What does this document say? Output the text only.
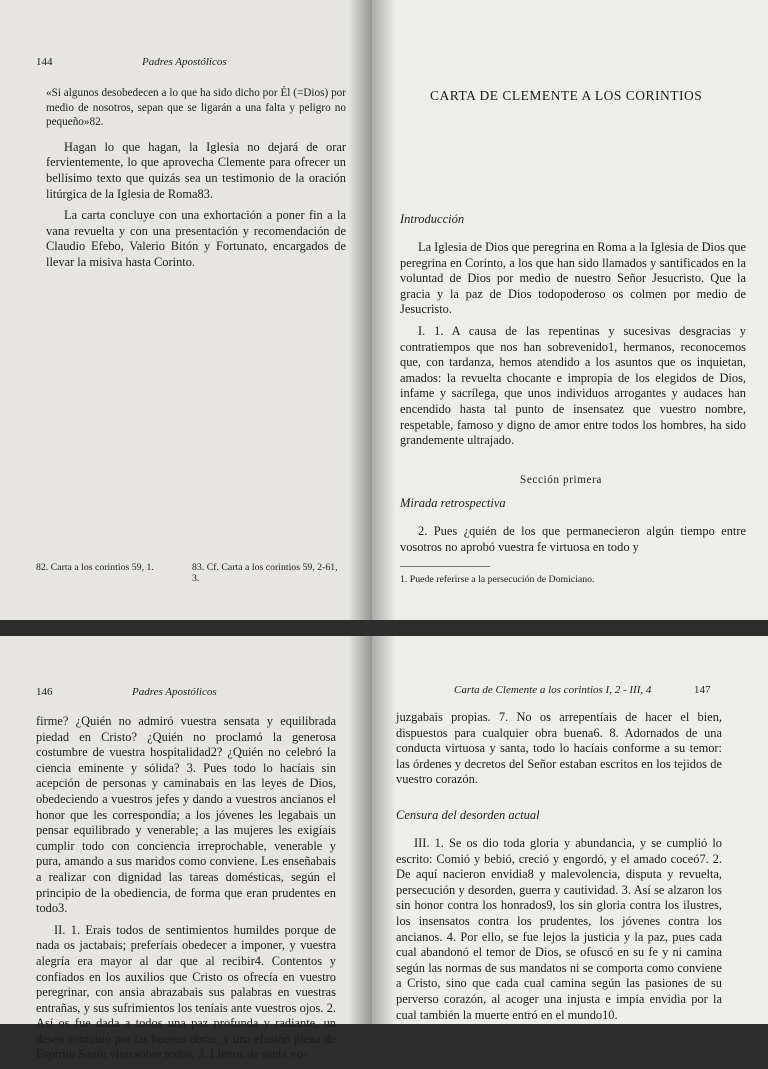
144	Padres Apostólicos

«Si algunos desobedecen a lo que ha sido dicho por Él (=Dios) por medio de nosotros, sepan que se ligarán a una falta y peligro no pequeño»82.

Hagan lo que hagan, la Iglesia no dejará de orar fervientemente, lo que aprovecha Clemente para ofrecer un bellísimo texto que quizás sea un testimonio de la oración litúrgica de la Iglesia de Roma83.

La carta concluye con una exhortación a poner fin a la vana revuelta y con una presentación y recomendación de Claudio Efebo, Valerio Bitón y Fortunato, encargados de llevar la misiva hasta Corinto.

82. Carta a los corintios 59, 1.	83. Cf. Carta a los corintios 59, 2-61, 3.
CARTA DE CLEMENTE A LOS CORINTIOS
Introducción

La Iglesia de Dios que peregrina en Roma a la Iglesia de Dios que peregrina en Corinto, a los que han sido llamados y santificados en la voluntad de Dios por medio de nuestro Señor Jesucristo. Que la gracia y la paz de Dios todopoderoso os colmen por medio de Jesucristo.

I. 1. A causa de las repentinas y sucesivas desgracias y contratiempos que nos han sobrevenido1, hermanos, reconocemos que, con tardanza, hemos atendido a los asuntos que os inquietan, amados: la revuelta chocante e impropia de los elegidos de Dios, infame y sacrílega, que unos individuos arrogantes y audaces han encendido hasta tal punto de insensatez que vuestro nombre, respetable, famoso y digno de amor entre todos los hombres, ha sido grandemente ultrajado.

Sección primera
Mirada retrospectiva

2. Pues ¿quién de los que permanecieron algún tiempo entre vosotros no aprobó vuestra fe virtuosa en todo y

1. Puede referirse a la persecución de Domiciano.
146	Padres Apostólicos

firme? ¿Quién no admiró vuestra sensata y equilibrada piedad en Cristo? ¿Quién no proclamó la generosa costumbre de vuestra hospitalidad2? ¿Quién no celebró la ciencia eminente y sólida? 3. Pues todo lo hacíais sin acepción de personas y caminabais en las leyes de Dios, obedeciendo a vuestros jefes y dando a vuestros ancianos el honor que les correspondía; a los jóvenes les legabais un pensar equilibrado y venerable; a las mujeres les exigíais cumplir todo con conciencia irreprochable, venerable y pura, amando a sus maridos como conviene. Les enseñabais a realizar con dignidad las tareas domésticas, según el principio de la obediencia, de forma que eran prudentes en todo3.

II. 1. Erais todos de sentimientos humildes porque de nada os jactabais; preferíais obedecer a imponer, y vuestra alegría era mayor al dar que al recibir4. Contentos y confiados en los auxilios que Cristo os ofrecía en vuestro peregrinar, con ansia abrazabais sus palabras en vuestras entrañas, y sus sufrimientos los teníais ante vuestros ojos. 2. Así os fue dada a todos una paz profunda y radiante, un deseo continuo por las buenas obras; y una efusión plena de Espíritu Santo vino sobre todos. 3. Llenos de santa vo-

Carta de Clemente a los corintios I, 2 - III, 4	147

juzgabais propias. 7. No os arrepentíais de hacer el bien, dispuestos para cualquier obra buena6. 8. Adornados de una conducta virtuosa y santa, todo lo hacíais conforme a su temor: las órdenes y decretos del Señor estaban escritos en los tejidos de vuestro corazón.

Censura del desorden actual

III. 1. Se os dio toda gloria y abundancia, y se cumplió lo escrito: Comió y bebió, creció y engordó, y el amado coceó7. 2. De aquí nacieron envidia8 y malevolencia, disputa y revuelta, persecución y desorden, guerra y cautividad. 3. Así se alzaron los sin honor contra los honrados9, los sin gloria contra los ilustres, los insensatos contra los prudentes, los jóvenes contra los ancianos. 4. Por ello, se fue lejos la justicia y la paz, pues cada cual abandonó el temor de Dios, se ofuscó en su fe y ni camina según las normas de sus mandatos ni se comporta como conviene a Cristo, sino que cada cual camina según las pasiones de su perverso corazón, al acoger una injusta e impía envidia por la cual también la muerte entró en el mundo10.
